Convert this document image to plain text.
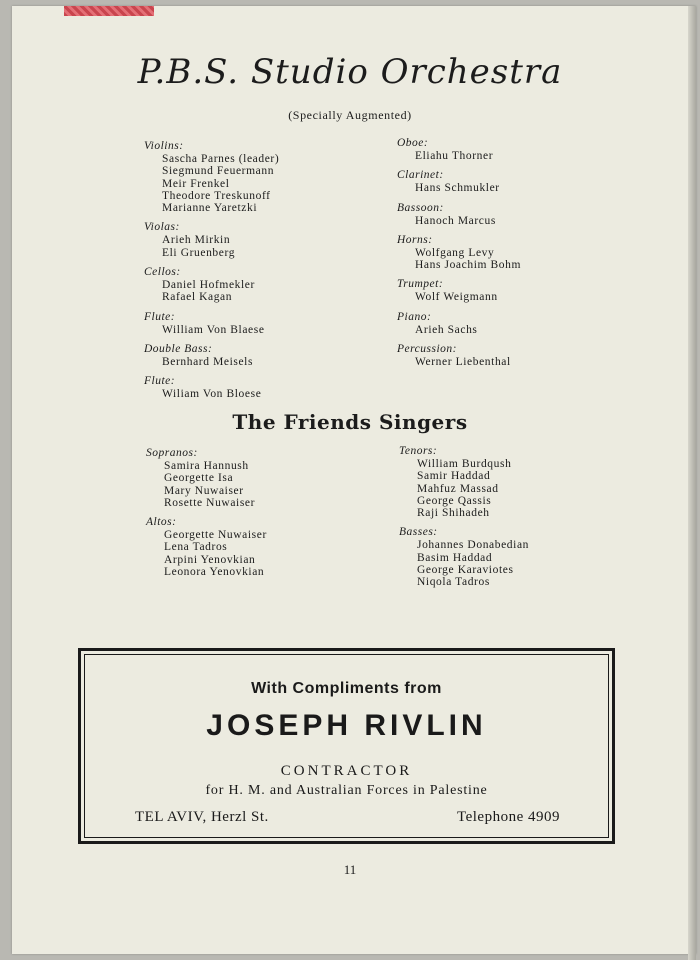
P.B.S. Studio Orchestra
(Specially Augmented)
Violins:
Sascha Parnes (leader)
Siegmund Feuermann
Meir Frenkel
Theodore Treskunoff
Marianne Yaretzki
Violas:
Arieh Mirkin
Eli Gruenberg
Cellos:
Daniel Hofmekler
Rafael Kagan
Flute:
William Von Blaese
Double Bass:
Bernhard Meisels
Flute:
Wiliam Von Bloese
Oboe:
Eliahu Thorner
Clarinet:
Hans Schmukler
Bassoon:
Hanoch Marcus
Horns:
Wolfgang Levy
Hans Joachim Bohm
Trumpet:
Wolf Weigmann
Piano:
Arieh Sachs
Percussion:
Werner Liebenthal
The Friends Singers
Sopranos:
Samira Hannush
Georgette Isa
Mary Nuwaiser
Rosette Nuwaiser
Altos:
Georgette Nuwaiser
Lena Tadros
Arpini Yenovkian
Leonora Yenovkian
Tenors:
William Burdqush
Samir Haddad
Mahfuz Massad
George Qassis
Raji Shihadeh
Basses:
Johannes Donabedian
Basim Haddad
George Karaviotes
Niqola Tadros
With Compliments from
JOSEPH RIVLIN
CONTRACTOR
for H. M. and Australian Forces in Palestine
TEL AVIV, Herzl St.	Telephone 4909
11
